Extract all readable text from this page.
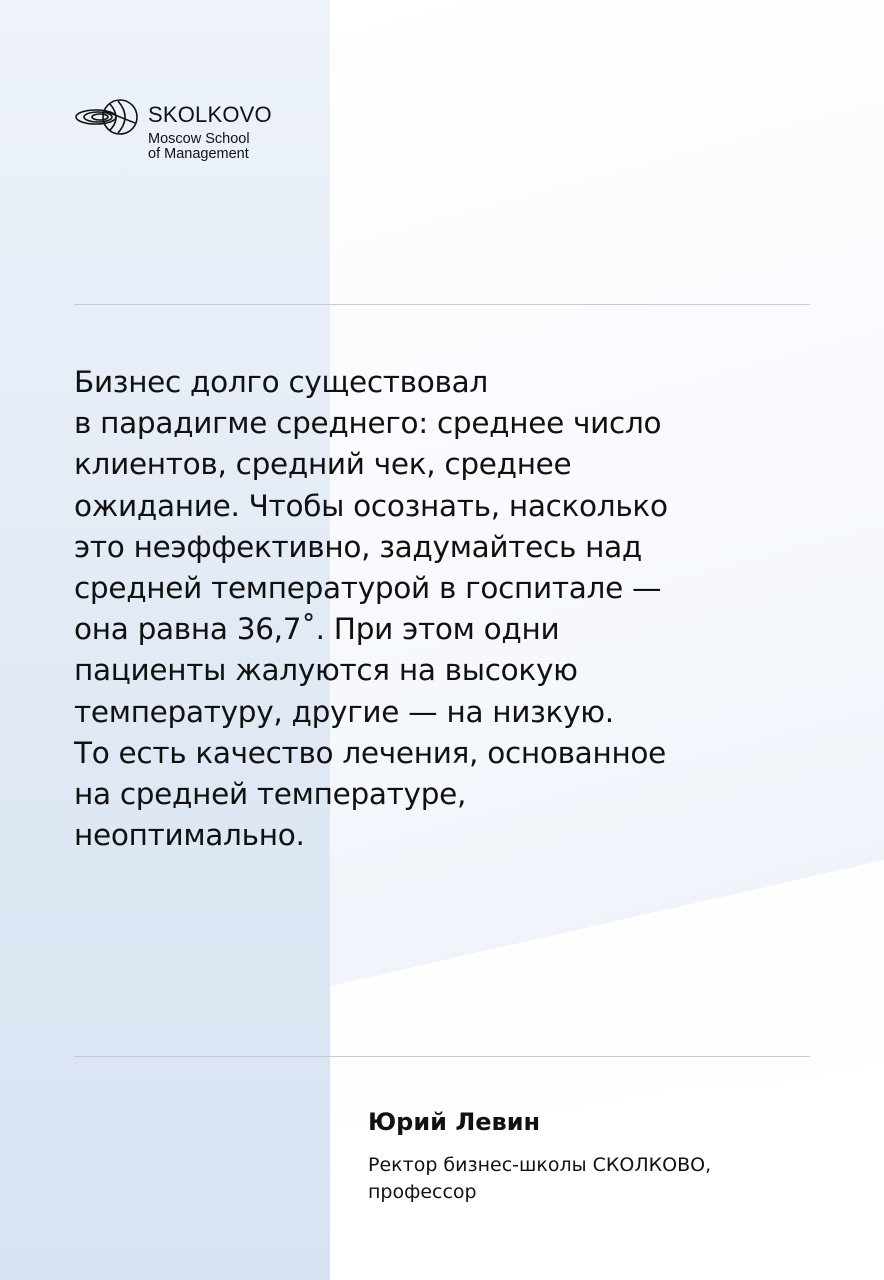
SKOLKOVO
Moscow School
of Management
Бизнес долго существовал
в парадигме среднего: среднее число
клиентов, средний чек, среднее
ожидание. Чтобы осознать, насколько
это неэффективно, задумайтесь над
средней температурой в госпитале —
она равна 36,7˚. При этом одни
пациенты жалуются на высокую
температуру, другие — на низкую.
То есть качество лечения, основанное
на средней температуре,
неоптимально.
Юрий Левин
Ректор бизнес-школы СКОЛКОВО,
профессор
